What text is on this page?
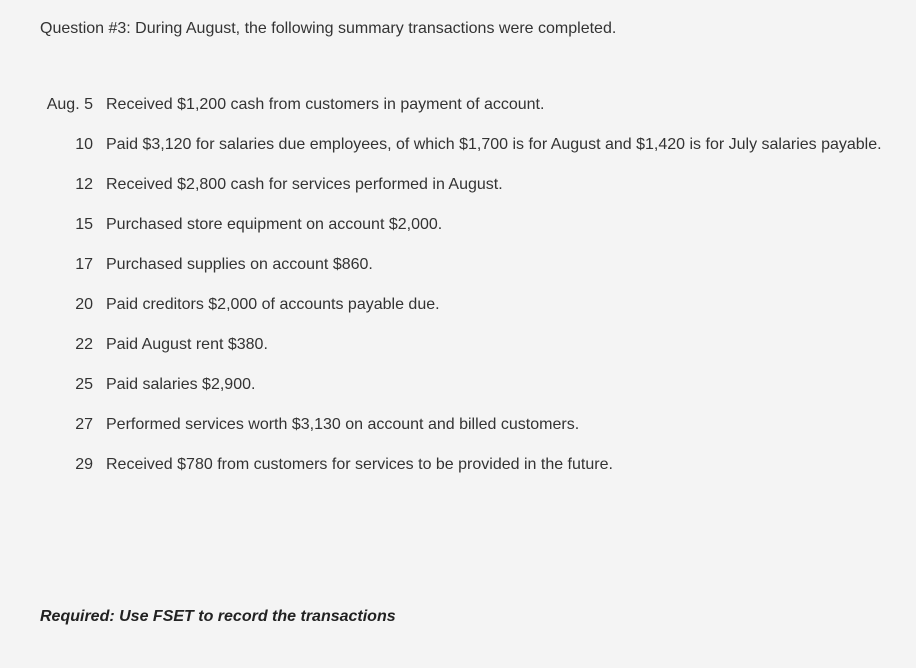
Question #3: During August, the following summary transactions were completed.
Aug. 5 Received $1,200 cash from customers in payment of account.
10 Paid $3,120 for salaries due employees, of which $1,700 is for August and $1,420 is for July salaries payable.
12 Received $2,800 cash for services performed in August.
15 Purchased store equipment on account $2,000.
17 Purchased supplies on account $860.
20 Paid creditors $2,000 of accounts payable due.
22 Paid August rent $380.
25 Paid salaries $2,900.
27 Performed services worth $3,130 on account and billed customers.
29 Received $780 from customers for services to be provided in the future.
Required: Use FSET to record the transactions
